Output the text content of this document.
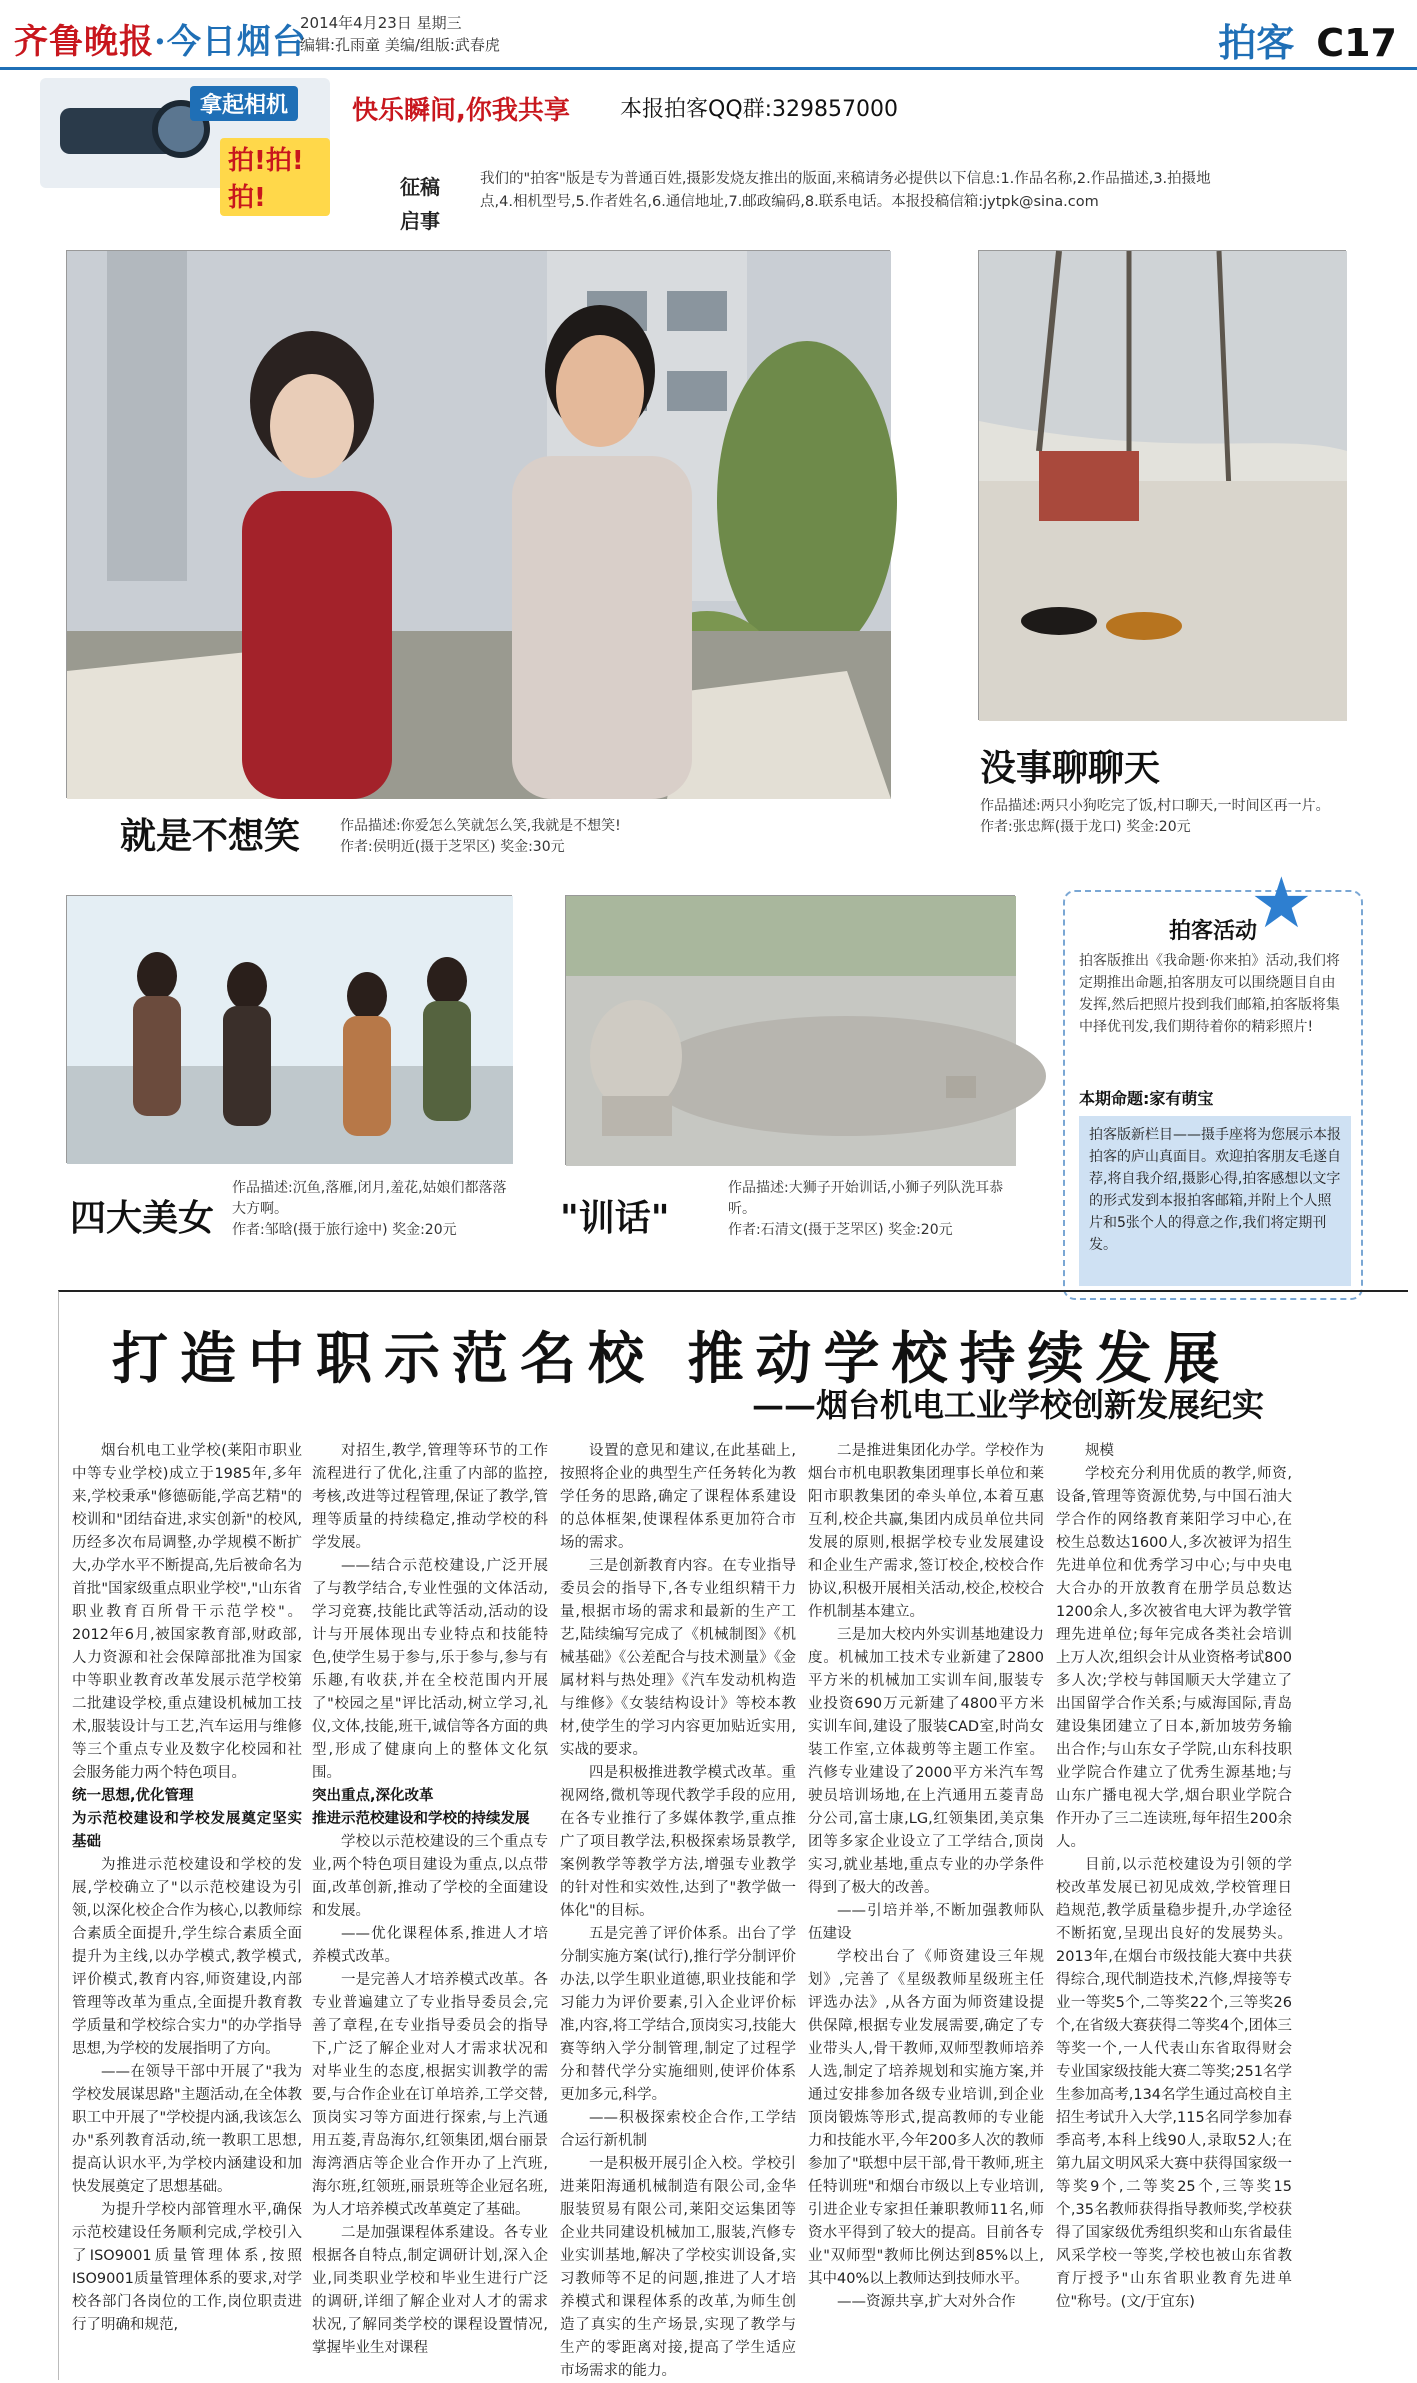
齐鲁晚报·今日烟台
2014年4月23日 星期三
编辑:孔雨童 美编/组版:武春虎	拍客 C17
拿起相机
拍!拍!拍!
快乐瞬间,你我共享 本报拍客QQ群:329857000
征稿
启事
我们的"拍客"版是专为普通百姓,摄影发烧友推出的版面,来稿请务必提供以下信息:1.作品名称,2.作品描述,3.拍摄地点,4.相机型号,5.作者姓名,6.通信地址,7.邮政编码,8.联系电话。本报投稿信箱:jytpk@sina.com
就是不想笑	作品描述:你爱怎么笑就怎么笑,我就是不想笑!
作者:侯明近(摄于芝罘区) 奖金:30元
没事聊聊天
作品描述:两只小狗吃完了饭,村口聊天,一时间区再一片。
作者:张忠辉(摄于龙口) 奖金:20元
四大美女
作品描述:沉鱼,落雁,闭月,羞花,姑娘们都落落大方啊。
作者:邹晗(摄于旅行途中) 奖金:20元	"训话"
作品描述:大狮子开始训话,小狮子列队洗耳恭听。
作者:石清文(摄于芝罘区) 奖金:20元
拍客活动
拍客版推出《我命题·你来拍》活动,我们将定期推出命题,拍客朋友可以围绕题目自由发挥,然后把照片投到我们邮箱,拍客版将集中择优刊发,我们期待着你的精彩照片!
本期命题:家有萌宝
拍客版新栏目——摄手座将为您展示本报拍客的庐山真面目。欢迎拍客朋友毛遂自荐,将自我介绍,摄影心得,拍客感想以文字的形式发到本报拍客邮箱,并附上个人照片和5张个人的得意之作,我们将定期刊发。
★
打造中职示范名校 推动学校持续发展
——烟台机电工业学校创新发展纪实

烟台机电工业学校(莱阳市职业中等专业学校)成立于1985年,多年来,学校秉承"修德砺能,学高艺精"的校训和"团结奋进,求实创新"的校风,历经多次布局调整,办学规模不断扩大,办学水平不断提高,先后被命名为首批"国家级重点职业学校","山东省职业教育百所骨干示范学校"。2012年6月,被国家教育部,财政部,人力资源和社会保障部批准为国家中等职业教育改革发展示范学校第二批建设学校,重点建设机械加工技术,服装设计与工艺,汽车运用与维修等三个重点专业及数字化校园和社会服务能力两个特色项目。

统一思想,优化管理

为示范校建设和学校发展奠定坚实基础

为推进示范校建设和学校的发展,学校确立了"以示范校建设为引领,以深化校企合作为核心,以教师综合素质全面提升,学生综合素质全面提升为主线,以办学模式,教学模式,评价模式,教育内容,师资建设,内部管理等改革为重点,全面提升教育教学质量和学校综合实力"的办学指导思想,为学校的发展指明了方向。

——在领导干部中开展了"我为学校发展谋思路"主题活动,在全体教职工中开展了"学校提内涵,我该怎么办"系列教育活动,统一教职工思想,提高认识水平,为学校内涵建设和加快发展奠定了思想基础。

为提升学校内部管理水平,确保示范校建设任务顺利完成,学校引入了ISO9001质量管理体系,按照ISO9001质量管理体系的要求,对学校各部门各岗位的工作,岗位职责进行了明确和规范,

对招生,教学,管理等环节的工作流程进行了优化,注重了内部的监控,考核,改进等过程管理,保证了教学,管理等质量的持续稳定,推动学校的科学发展。

——结合示范校建设,广泛开展了与教学结合,专业性强的文体活动,学习竞赛,技能比武等活动,活动的设计与开展体现出专业特点和技能特色,使学生易于参与,乐于参与,参与有乐趣,有收获,并在全校范围内开展了"校园之星"评比活动,树立学习,礼仪,文体,技能,班干,诚信等各方面的典型,形成了健康向上的整体文化氛围。

突出重点,深化改革

推进示范校建设和学校的持续发展

学校以示范校建设的三个重点专业,两个特色项目建设为重点,以点带面,改革创新,推动了学校的全面建设和发展。

——优化课程体系,推进人才培养模式改革。

一是完善人才培养模式改革。各专业普遍建立了专业指导委员会,完善了章程,在专业指导委员会的指导下,广泛了解企业对人才需求状况和对毕业生的态度,根据实训教学的需要,与合作企业在订单培养,工学交替,顶岗实习等方面进行探索,与上汽通用五菱,青岛海尔,红领集团,烟台丽景海湾酒店等企业合作开办了上汽班,海尔班,红领班,丽景班等企业冠名班,为人才培养模式改革奠定了基础。

二是加强课程体系建设。各专业根据各自特点,制定调研计划,深入企业,同类职业学校和毕业生进行广泛的调研,详细了解企业对人才的需求状况,了解同类学校的课程设置情况,掌握毕业生对课程

设置的意见和建议,在此基础上,按照将企业的典型生产任务转化为教学任务的思路,确定了课程体系建设的总体框架,使课程体系更加符合市场的需求。

三是创新教育内容。在专业指导委员会的指导下,各专业组织精干力量,根据市场的需求和最新的生产工艺,陆续编写完成了《机械制图》《机械基础》《公差配合与技术测量》《金属材料与热处理》《汽车发动机构造与维修》《女装结构设计》等校本教材,使学生的学习内容更加贴近实用,实战的要求。

四是积极推进教学模式改革。重视网络,微机等现代教学手段的应用,在各专业推行了多媒体教学,重点推广了项目教学法,积极探索场景教学,案例教学等教学方法,增强专业教学的针对性和实效性,达到了"教学做一体化"的目标。

五是完善了评价体系。出台了学分制实施方案(试行),推行学分制评价办法,以学生职业道德,职业技能和学习能力为评价要素,引入企业评价标准,内容,将工学结合,顶岗实习,技能大赛等纳入学分制管理,制定了过程学分和替代学分实施细则,使评价体系更加多元,科学。

——积极探索校企合作,工学结合运行新机制

一是积极开展引企入校。学校引进莱阳海通机械制造有限公司,金华服装贸易有限公司,莱阳交运集团等企业共同建设机械加工,服装,汽修专业实训基地,解决了学校实训设备,实习教师等不足的问题,推进了人才培养模式和课程体系的改革,为师生创造了真实的生产场景,实现了教学与生产的零距离对接,提高了学生适应市场需求的能力。

二是推进集团化办学。学校作为烟台市机电职教集团理事长单位和莱阳市职教集团的牵头单位,本着互惠互利,校企共赢,集团内成员单位共同发展的原则,根据学校专业发展建设和企业生产需求,签订校企,校校合作协议,积极开展相关活动,校企,校校合作机制基本建立。

三是加大校内外实训基地建设力度。机械加工技术专业新建了2800平方米的机械加工实训车间,服装专业投资690万元新建了4800平方米实训车间,建设了服装CAD室,时尚女装工作室,立体裁剪等主题工作室。汽修专业建设了2000平方米汽车驾驶员培训场地,在上汽通用五菱青岛分公司,富士康,LG,红领集团,美京集团等多家企业设立了工学结合,顶岗实习,就业基地,重点专业的办学条件得到了极大的改善。

——引培并举,不断加强教师队伍建设

学校出台了《师资建设三年规划》,完善了《星级教师星级班主任评选办法》,从各方面为师资建设提供保障,根据专业发展需要,确定了专业带头人,骨干教师,双师型教师培养人选,制定了培养规划和实施方案,并通过安排参加各级专业培训,到企业顶岗锻炼等形式,提高教师的专业能力和技能水平,今年200多人次的教师参加了"联想中层干部,骨干教师,班主任特训班"和烟台市级以上专业培训,引进企业专家担任兼职教师11名,师资水平得到了较大的提高。目前各专业"双师型"教师比例达到85%以上,其中40%以上教师达到技师水平。

——资源共享,扩大对外合作

规模

学校充分利用优质的教学,师资,设备,管理等资源优势,与中国石油大学合作的网络教育莱阳学习中心,在校生总数达1600人,多次被评为招生先进单位和优秀学习中心;与中央电大合办的开放教育在册学员总数达1200余人,多次被省电大评为教学管理先进单位;每年完成各类社会培训上万人次,组织会计从业资格考试800多人次;学校与韩国顺天大学建立了出国留学合作关系;与威海国际,青岛建设集团建立了日本,新加坡劳务输出合作;与山东女子学院,山东科技职业学院合作建立了优秀生源基地;与山东广播电视大学,烟台职业学院合作开办了三二连读班,每年招生200余人。

目前,以示范校建设为引领的学校改革发展已初见成效,学校管理日趋规范,教学质量稳步提升,办学途径不断拓宽,呈现出良好的发展势头。2013年,在烟台市级技能大赛中共获得综合,现代制造技术,汽修,焊接等专业一等奖5个,二等奖22个,三等奖26个,在省级大赛获得二等奖4个,团体三等奖一个,一人代表山东省取得财会专业国家级技能大赛二等奖;251名学生参加高考,134名学生通过高校自主招生考试升入大学,115名同学参加春季高考,本科上线90人,录取52人;在第九届文明风采大赛中获得国家级一等奖9个,二等奖25个,三等奖15个,35名教师获得指导教师奖,学校获得了国家级优秀组织奖和山东省最佳风采学校一等奖,学校也被山东省教育厅授予"山东省职业教育先进单位"称号。(文/于宜东)
